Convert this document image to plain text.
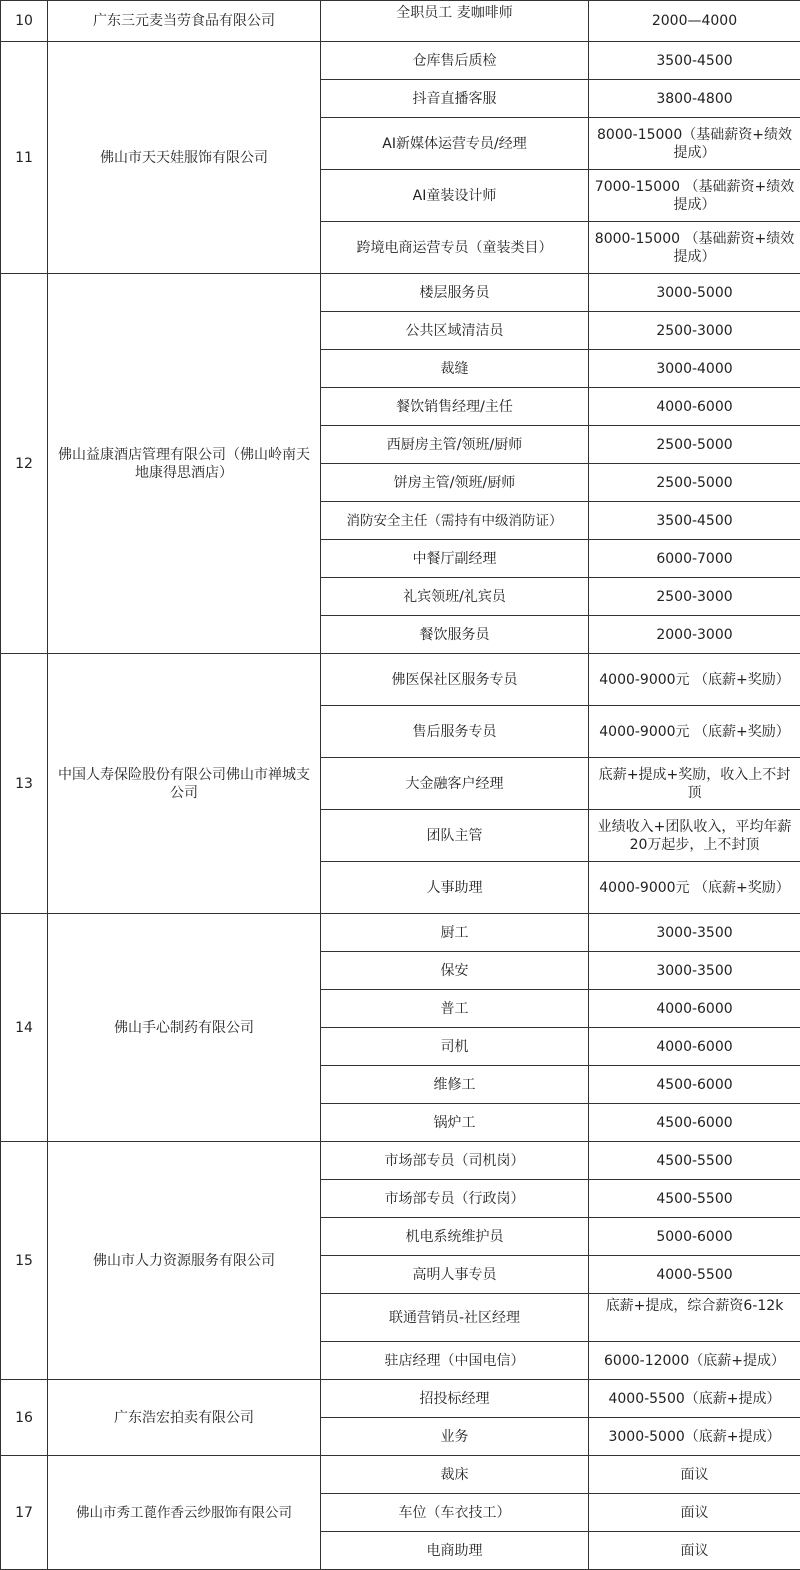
10	广东三元麦当劳食品有限公司	全职员工 麦咖啡师	2000—4000
11	佛山市天天娃服饰有限公司	仓库售后质检	3500-4500
		抖音直播客服	3800-4800
		AI新媒体运营专员/经理	8000-15000（基础薪资+绩效提成）
		AI童装设计师	7000-15000 （基础薪资+绩效提成）
		跨境电商运营专员（童装类目）	8000-15000 （基础薪资+绩效提成）
12	佛山益康酒店管理有限公司（佛山岭南天地康得思酒店）	楼层服务员	3000-5000
		公共区域清洁员	2500-3000
		裁缝	3000-4000
		餐饮销售经理/主任	4000-6000
		西厨房主管/领班/厨师	2500-5000
		饼房主管/领班/厨师	2500-5000
		消防安全主任（需持有中级消防证）	3500-4500
		中餐厅副经理	6000-7000
		礼宾领班/礼宾员	2500-3000
		餐饮服务员	2000-3000
13	中国人寿保险股份有限公司佛山市禅城支公司	佛医保社区服务专员	4000-9000元 （底薪+奖励）
		售后服务专员	4000-9000元 （底薪+奖励）
		大金融客户经理	底薪+提成+奖励，收入上不封顶
		团队主管	业绩收入+团队收入，平均年薪20万起步，上不封顶
		人事助理	4000-9000元 （底薪+奖励）
14	佛山手心制药有限公司	厨工	3000-3500
		保安	3000-3500
		普工	4000-6000
		司机	4000-6000
		维修工	4500-6000
		锅炉工	4500-6000
15	佛山市人力资源服务有限公司	市场部专员（司机岗）	4500-5500
		市场部专员（行政岗）	4500-5500
		机电系统维护员	5000-6000
		高明人事专员	4000-5500
		联通营销员-社区经理	底薪+提成，综合薪资6-12k
		驻店经理（中国电信）	6000-12000（底薪+提成）
16	广东浩宏拍卖有限公司	招投标经理	4000-5500（底薪+提成）
		业务	3000-5000（底薪+提成）
17	佛山市秀工蓖作香云纱服饰有限公司	裁床	面议
		车位（车衣技工）	面议
		电商助理	面议
